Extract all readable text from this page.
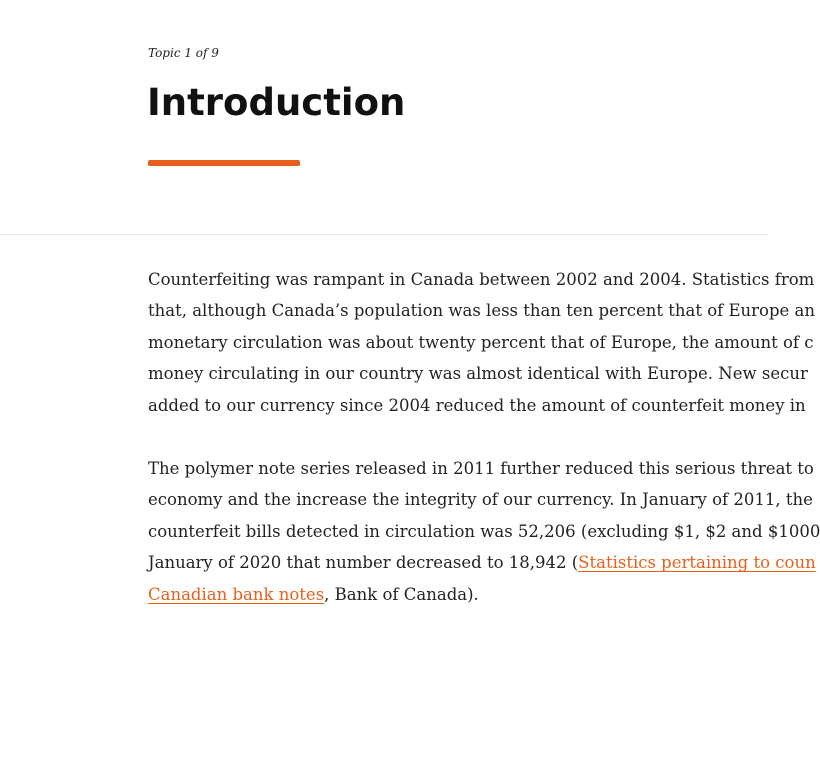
Topic 1 of 9
Introduction

Counterfeiting was rampant in Canada between 2002 and 2004. Statistics from
that, although Canada’s population was less than ten percent that of Europe an
monetary circulation was about twenty percent that of Europe, the amount of c
money circulating in our country was almost identical with Europe. New secur
added to our currency since 2004 reduced the amount of counterfeit money in

The polymer note series released in 2011 further reduced this serious threat to
economy and the increase the integrity of our currency. In January of 2011, the
counterfeit bills detected in circulation was 52,206 (excluding $1, $2 and $1000
January of 2020 that number decreased to 18,942 (Statistics pertaining to coun
Canadian bank notes, Bank of Canada).
